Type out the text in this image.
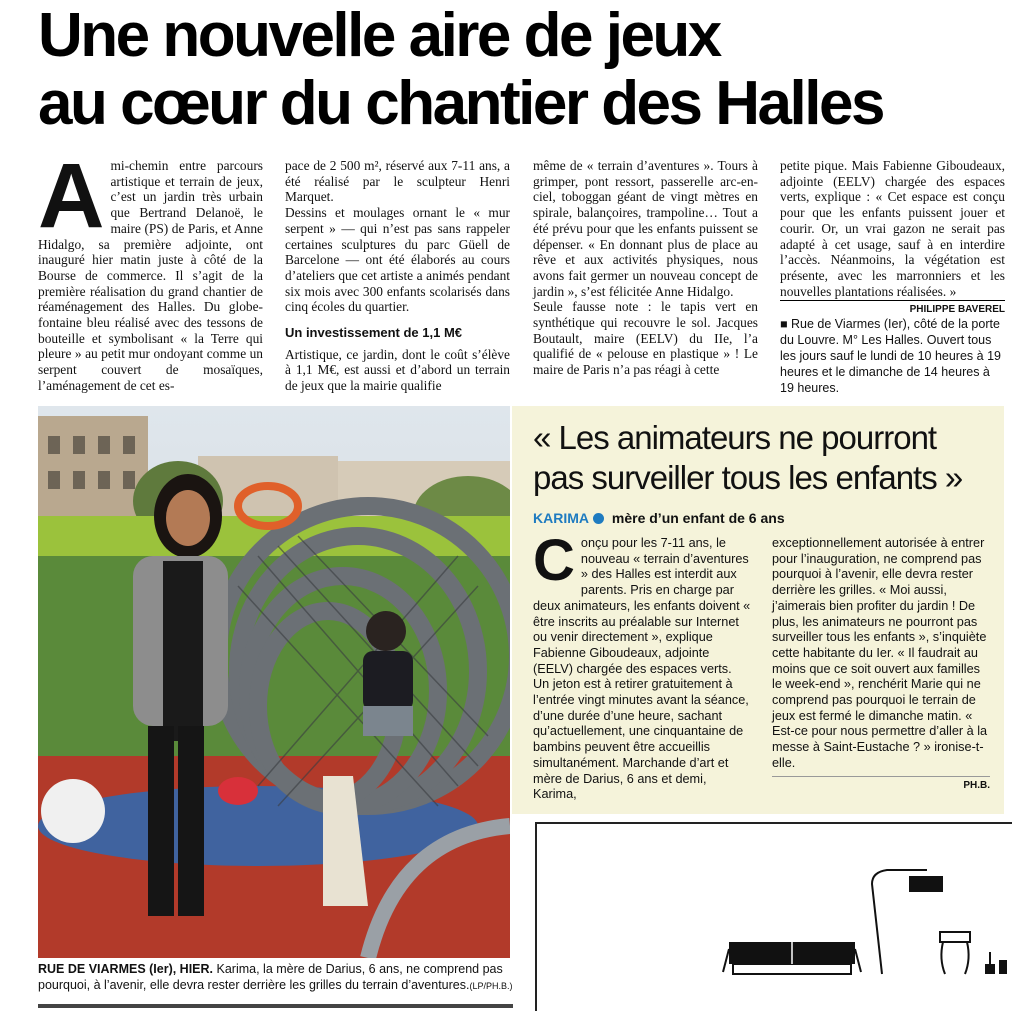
Une nouvelle aire de jeux
au cœur du chantier des Halles
A mi-chemin entre parcours artistique et terrain de jeux, c’est un jardin très urbain que Bertrand Delanoë, le maire (PS) de Paris, et Anne Hidalgo, sa première adjointe, ont inauguré hier matin juste à côté de la Bourse de commerce. Il s’agit de la première réalisation du grand chantier de réaménagement des Halles. Du globe-fontaine bleu réalisé avec des tessons de bouteille et symbolisant « la Terre qui pleure » au petit mur ondoyant comme un serpent couvert de mosaïques, l’aménagement de cet es-

pace de 2 500 m², réservé aux 7-11 ans, a été réalisé par le sculpteur Henri Marquet.

Dessins et moulages ornant le « mur serpent » — qui n’est pas sans rappeler certaines sculptures du parc Güell de Barcelone — ont été élaborés au cours d’ateliers que cet artiste a animés pendant six mois avec 300 enfants scolarisés dans cinq écoles du quartier.

Un investissement de 1,1 M€

Artistique, ce jardin, dont le coût s’élève à 1,1 M€, est aussi et d’abord un terrain de jeux que la mairie qualifie

même de « terrain d’aventures ». Tours à grimper, pont ressort, passerelle arc-en-ciel, toboggan géant de vingt mètres en spirale, balançoires, trampoline… Tout a été prévu pour que les enfants puissent se dépenser. « En donnant plus de place au rêve et aux activités physiques, nous avons fait germer un nouveau concept de jardin », s’est félicitée Anne Hidalgo.

Seule fausse note : le tapis vert en synthétique qui recouvre le sol. Jacques Boutault, maire (EELV) du IIe, l’a qualifié de « pelouse en plastique » ! Le maire de Paris n’a pas réagi à cette

petite pique. Mais Fabienne Giboudeaux, adjointe (EELV) chargée des espaces verts, explique : « Cet espace est conçu pour que les enfants puissent jouer et courir. Or, un vrai gazon ne serait pas adapté à cet usage, sauf à en interdire l’accès. Néanmoins, la végétation est présente, avec les marronniers et les nouvelles plantations réalisées. »

PHILIPPE BAVEREL
■ Rue de Viarmes (Ier), côté de la porte du Louvre. M° Les Halles. Ouvert tous les jours sauf le lundi de 10 heures à 19 heures et le dimanche de 14 heures à 19 heures.
RUE DE VIARMES (Ier), HIER. Karima, la mère de Darius, 6 ans, ne comprend pas pourquoi, à l’avenir, elle devra rester derrière les grilles du terrain d’aventures.(LP/PH.B.)
« Les animateurs ne pourront
pas surveiller tous les enfants »
KARIMA mère d’un enfant de 6 ans
C onçu pour les 7-11 ans, le nouveau « terrain d’aventures » des Halles est interdit aux parents. Pris en charge par deux animateurs, les enfants doivent « être inscrits au préalable sur Internet ou venir directement », explique Fabienne Giboudeaux, adjointe (EELV) chargée des espaces verts. Un jeton est à retirer gratuitement à l’entrée vingt minutes avant la séance, d’une durée d’une heure, sachant qu’actuellement, une cinquantaine de bambins peuvent être accueillis simultanément. Marchande d’art et mère de Darius, 6 ans et demi, Karima,
exceptionnellement autorisée à entrer pour l’inauguration, ne comprend pas pourquoi à l’avenir, elle devra rester derrière les grilles. « Moi aussi, j’aimerais bien profiter du jardin ! De plus, les animateurs ne pourront pas surveiller tous les enfants », s’inquiète cette habitante du Ier. « Il faudrait au moins que ce soit ouvert aux familles le week-end », renchérit Marie qui ne comprend pas pourquoi le terrain de jeux est fermé le dimanche matin. « Est-ce pour nous permettre d’aller à la messe à Saint-Eustache ? » ironise-t-elle.
PH.B.
